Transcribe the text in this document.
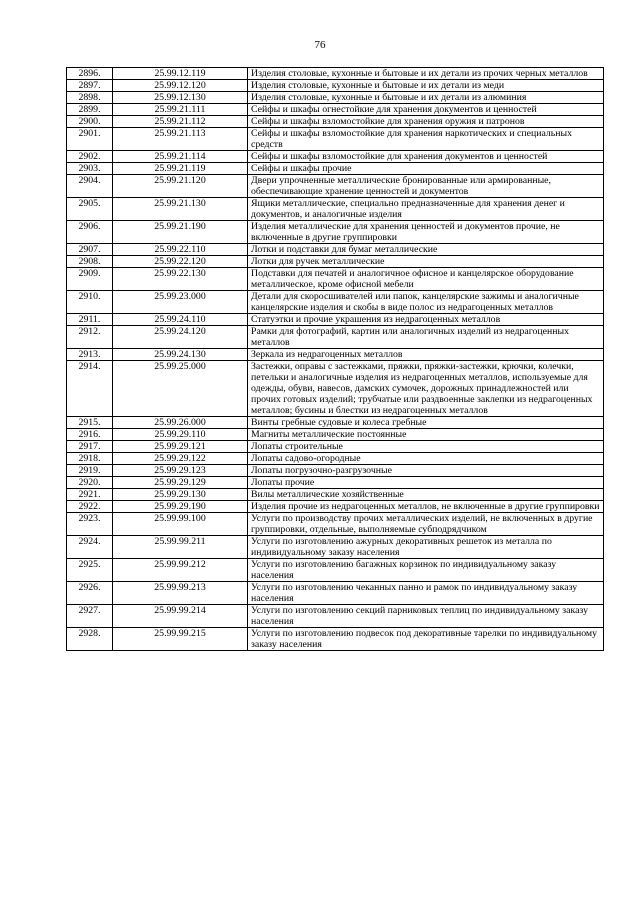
76
2896.	25.99.12.119	Изделия столовые, кухонные и бытовые и их детали из прочих черных металлов
2897.	25.99.12.120	Изделия столовые, кухонные и бытовые и их детали из меди
2898.	25.99.12.130	Изделия столовые, кухонные и бытовые и их детали из алюминия
2899.	25.99.21.111	Сейфы и шкафы огнестойкие для хранения документов и ценностей
2900.	25.99.21.112	Сейфы и шкафы взломостойкие для хранения оружия и патронов
2901.	25.99.21.113	Сейфы и шкафы взломостойкие для хранения наркотических и специальных средств
2902.	25.99.21.114	Сейфы и шкафы взломостойкие для хранения документов и ценностей
2903.	25.99.21.119	Сейфы и шкафы прочие
2904.	25.99.21.120	Двери упрочненные металлические бронированные или армированные, обеспечивающие хранение ценностей и документов
2905.	25.99.21.130	Ящики металлические, специально предназначенные для хранения денег и документов, и аналогичные изделия
2906.	25.99.21.190	Изделия металлические для хранения ценностей и документов прочие, не включенные в другие группировки
2907.	25.99.22.110	Лотки и подставки для бумаг металлические
2908.	25.99.22.120	Лотки для ручек металлические
2909.	25.99.22.130	Подставки для печатей и аналогичное офисное и канцелярское оборудование металлическое, кроме офисной мебели
2910.	25.99.23.000	Детали для скоросшивателей или папок, канцелярские зажимы и аналогичные канцелярские изделия и скобы в виде полос из недрагоценных металлов
2911.	25.99.24.110	Статуэтки и прочие украшения из недрагоценных металлов
2912.	25.99.24.120	Рамки для фотографий, картин или аналогичных изделий из недрагоценных металлов
2913.	25.99.24.130	Зеркала из недрагоценных металлов
2914.	25.99.25.000	Застежки, оправы с застежками, пряжки, пряжки-застежки, крючки, колечки, петельки и аналогичные изделия из недрагоценных металлов, используемые для одежды, обуви, навесов, дамских сумочек, дорожных принадлежностей или прочих готовых изделий; трубчатые или раздвоенные заклепки из недрагоценных металлов; бусины и блестки из недрагоценных металлов
2915.	25.99.26.000	Винты гребные судовые и колеса гребные
2916.	25.99.29.110	Магниты металлические постоянные
2917.	25.99.29.121	Лопаты строительные
2918.	25.99.29.122	Лопаты садово-огородные
2919.	25.99.29.123	Лопаты погрузочно-разгрузочные
2920.	25.99.29.129	Лопаты прочие
2921.	25.99.29.130	Вилы металлические хозяйственные
2922.	25.99.29.190	Изделия прочие из недрагоценных металлов, не включенные в другие группировки
2923.	25.99.99.100	Услуги по производству прочих металлических изделий, не включенных в другие группировки, отдельные, выполняемые субподрядчиком
2924.	25.99.99.211	Услуги по изготовлению ажурных декоративных решеток из металла по индивидуальному заказу населения
2925.	25.99.99.212	Услуги по изготовлению багажных корзинок по индивидуальному заказу населения
2926.	25.99.99.213	Услуги по изготовлению чеканных панно и рамок по индивидуальному заказу населения
2927.	25.99.99.214	Услуги по изготовлению секций парниковых теплиц по индивидуальному заказу населения
2928.	25.99.99.215	Услуги по изготовлению подвесок под декоративные тарелки по индивидуальному заказу населения
